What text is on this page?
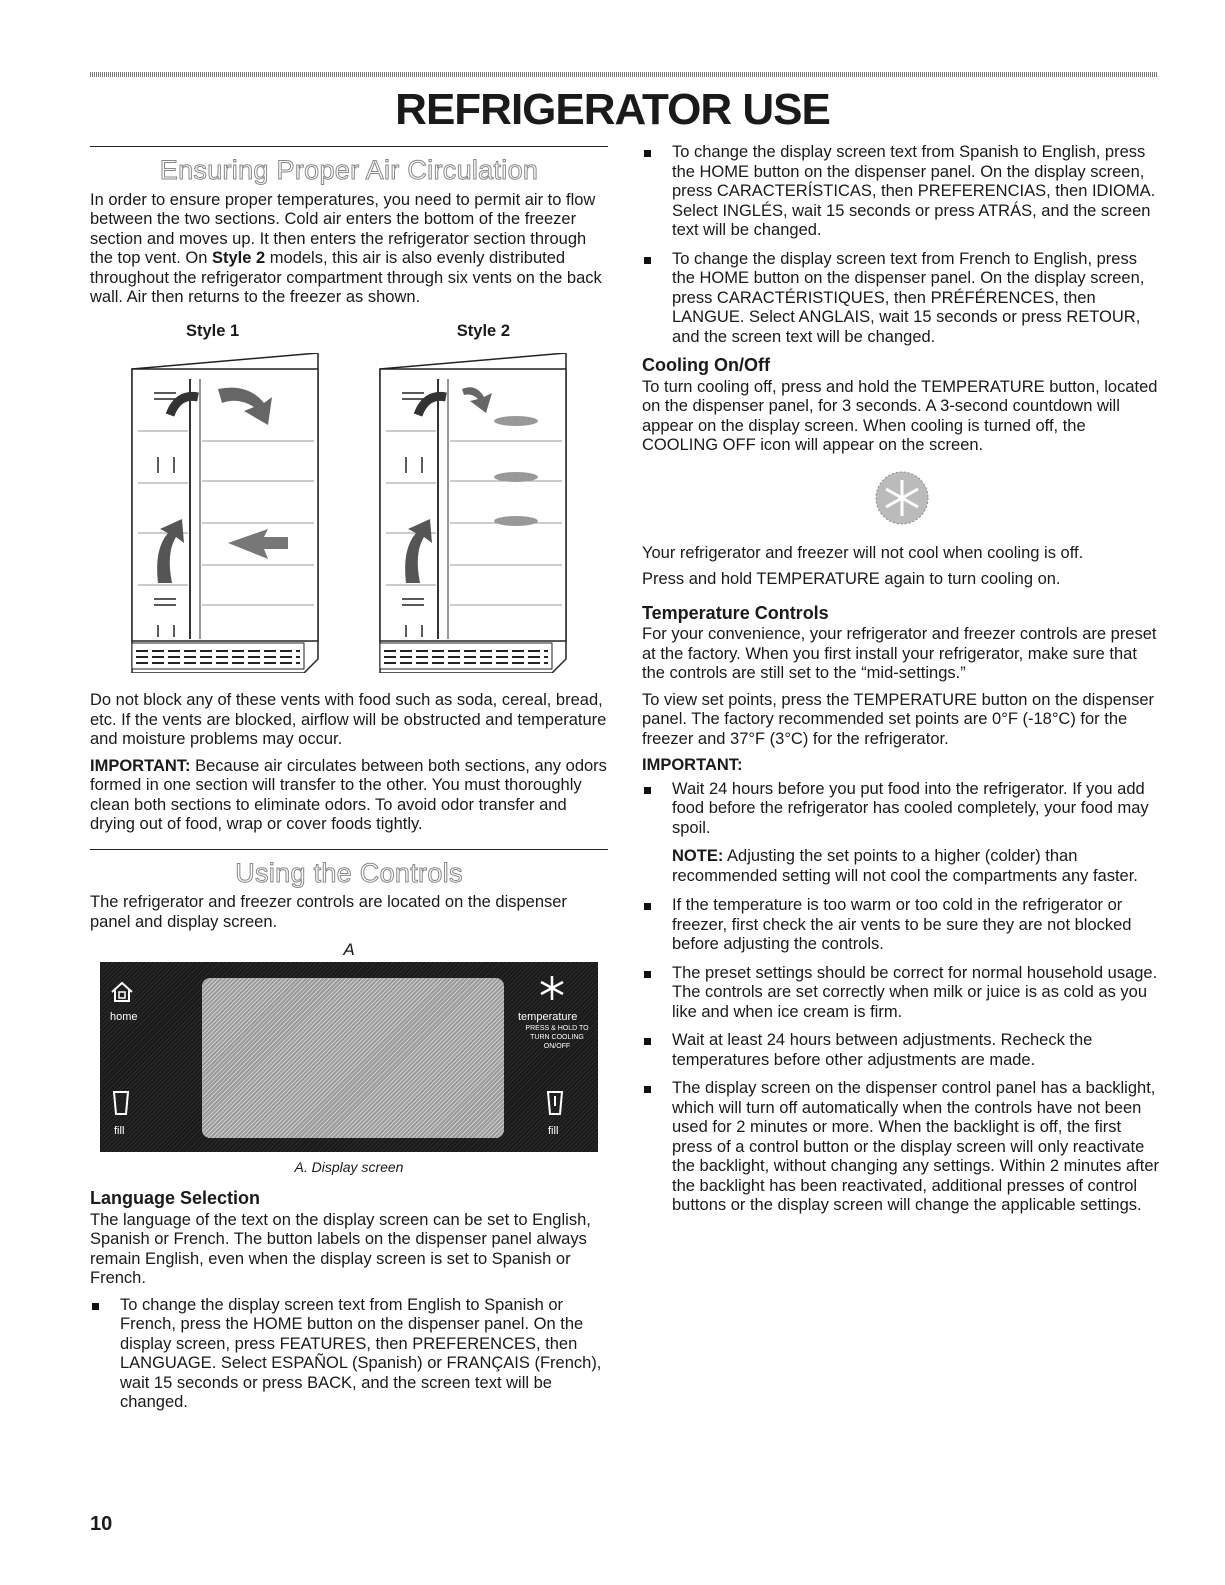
REFRIGERATOR USE
Ensuring Proper Air Circulation

In order to ensure proper temperatures, you need to permit air to flow between the two sections. Cold air enters the bottom of the freezer section and moves up. It then enters the refrigerator section through the top vent. On Style 2 models, this air is also evenly distributed throughout the refrigerator compartment through six vents on the back wall. Air then returns to the freezer as shown.

Style 1	Style 2

Do not block any of these vents with food such as soda, cereal, bread, etc. If the vents are blocked, airflow will be obstructed and temperature and moisture problems may occur.

IMPORTANT: Because air circulates between both sections, any odors formed in one section will transfer to the other. You must thoroughly clean both sections to eliminate odors. To avoid odor transfer and drying out of food, wrap or cover foods tightly.

Using the Controls

The refrigerator and freezer controls are located on the dispenser panel and display screen.

A
home	temperature
PRESS & HOLD TO TURN COOLING ON/OFF
fill	fill
A. Display screen
Language Selection

The language of the text on the display screen can be set to English, Spanish or French. The button labels on the dispenser panel always remain English, even when the display screen is set to Spanish or French.

To change the display screen text from English to Spanish or French, press the HOME button on the dispenser panel. On the display screen, press FEATURES, then PREFERENCES, then LANGUAGE. Select ESPAÑOL (Spanish) or FRANÇAIS (French), wait 15 seconds or press BACK, and the screen text will be changed.
To change the display screen text from Spanish to English, press the HOME button on the dispenser panel. On the display screen, press CARACTERÍSTICAS, then PREFERENCIAS, then IDIOMA. Select INGLÉS, wait 15 seconds or press ATRÁS, and the screen text will be changed.
To change the display screen text from French to English, press the HOME button on the dispenser panel. On the display screen, press CARACTÉRISTIQUES, then PRÉFÉRENCES, then LANGUE. Select ANGLAIS, wait 15 seconds or press RETOUR, and the screen text will be changed.
Cooling On/Off

To turn cooling off, press and hold the TEMPERATURE button, located on the dispenser panel, for 3 seconds. A 3-second countdown will appear on the display screen. When cooling is turned off, the COOLING OFF icon will appear on the screen.

Your refrigerator and freezer will not cool when cooling is off.

Press and hold TEMPERATURE again to turn cooling on.

Temperature Controls

For your convenience, your refrigerator and freezer controls are preset at the factory. When you first install your refrigerator, make sure that the controls are still set to the “mid-settings.”

To view set points, press the TEMPERATURE button on the dispenser panel. The factory recommended set points are 0°F (-18°C) for the freezer and 37°F (3°C) for the refrigerator.

IMPORTANT:
Wait 24 hours before you put food into the refrigerator. If you add food before the refrigerator has cooled completely, your food may spoil.
NOTE: Adjusting the set points to a higher (colder) than recommended setting will not cool the compartments any faster.
If the temperature is too warm or too cold in the refrigerator or freezer, first check the air vents to be sure they are not blocked before adjusting the controls.
The preset settings should be correct for normal household usage. The controls are set correctly when milk or juice is as cold as you like and when ice cream is firm.
Wait at least 24 hours between adjustments. Recheck the temperatures before other adjustments are made.
The display screen on the dispenser control panel has a backlight, which will turn off automatically when the controls have not been used for 2 minutes or more. When the backlight is off, the first press of a control button or the display screen will only reactivate the backlight, without changing any settings. Within 2 minutes after the backlight has been reactivated, additional presses of control buttons or the display screen will change the applicable settings.
10
